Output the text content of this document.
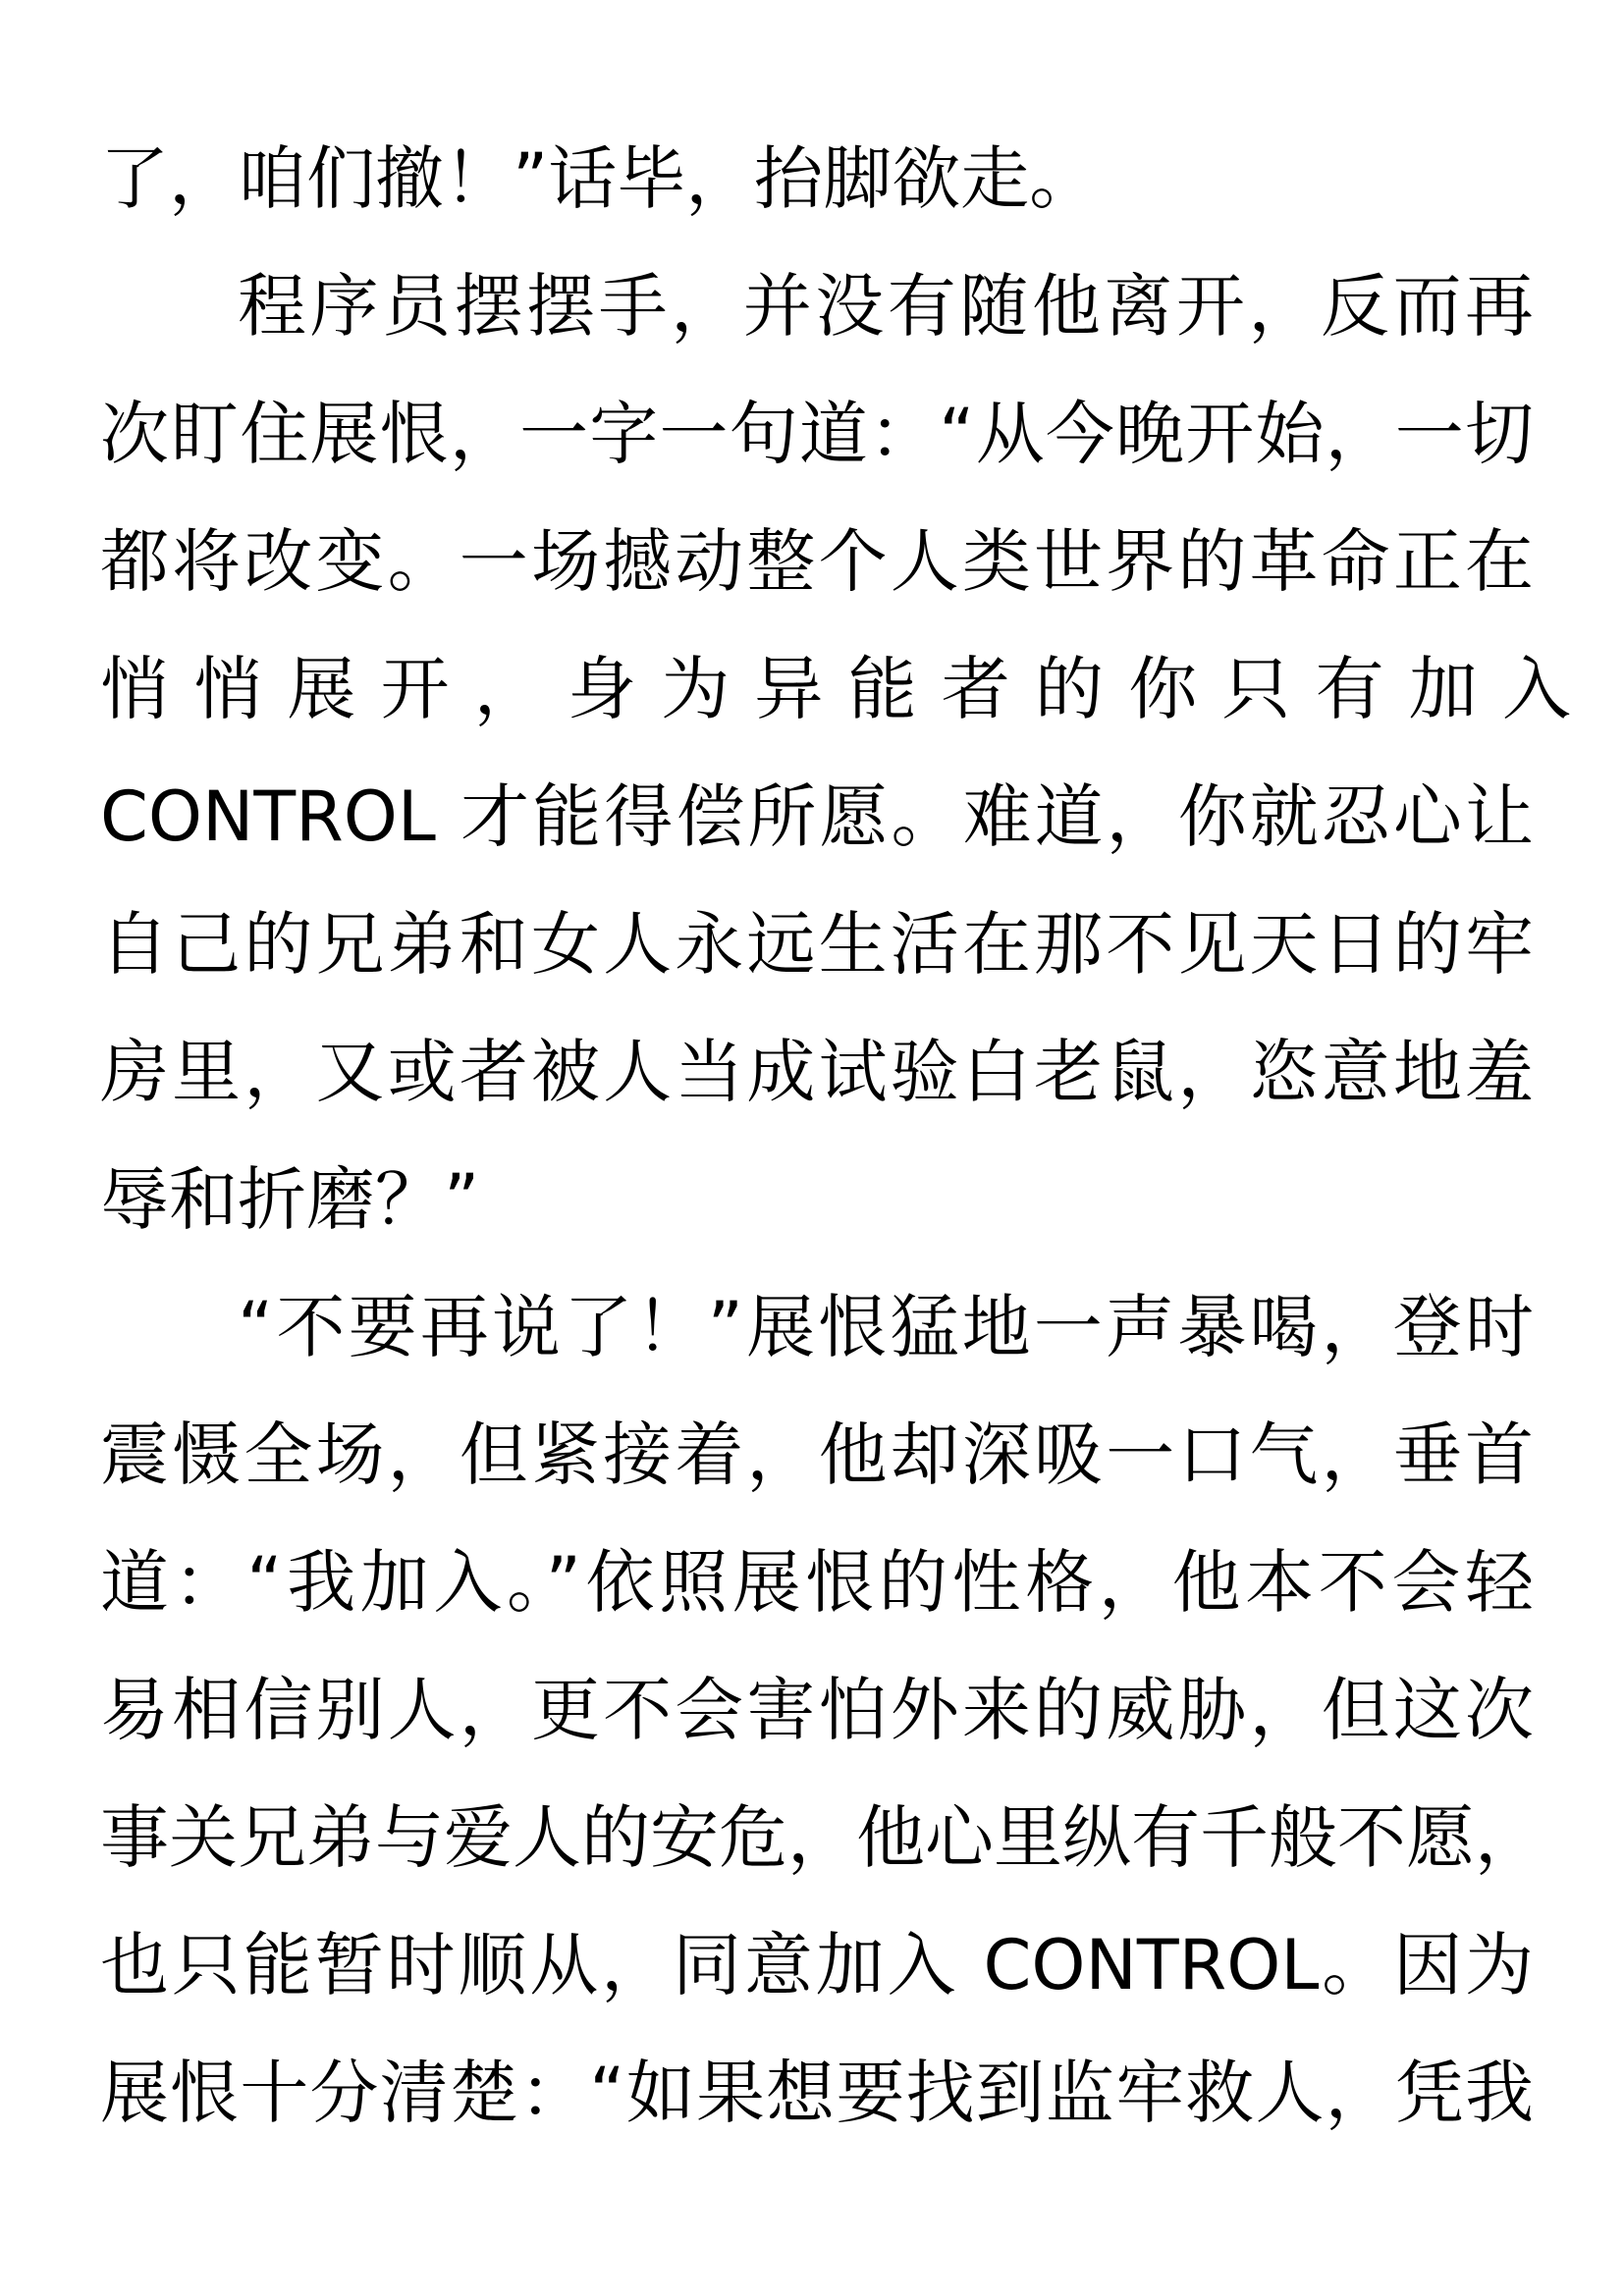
了，咱们撤！”话毕，抬脚欲走。
程序员摆摆手，并没有随他离开，反而再
次盯住展恨，一字一句道：“从今晚开始，一切
都将改变。一场撼动整个人类世界的革命正在
悄悄展开，身为异能者的你只有加入
CONTROL 才能得偿所愿。难道，你就忍心让
自己的兄弟和女人永远生活在那不见天日的牢
房里，又或者被人当成试验白老鼠，恣意地羞
辱和折磨？”
“不要再说了！”展恨猛地一声暴喝，登时
震慑全场，但紧接着，他却深吸一口气，垂首
道：“我加入。”依照展恨的性格，他本不会轻
易相信别人，更不会害怕外来的威胁，但这次
事关兄弟与爱人的安危，他心里纵有千般不愿，
也只能暂时顺从，同意加入 CONTROL。因为
展恨十分清楚：“如果想要找到监牢救人，凭我
